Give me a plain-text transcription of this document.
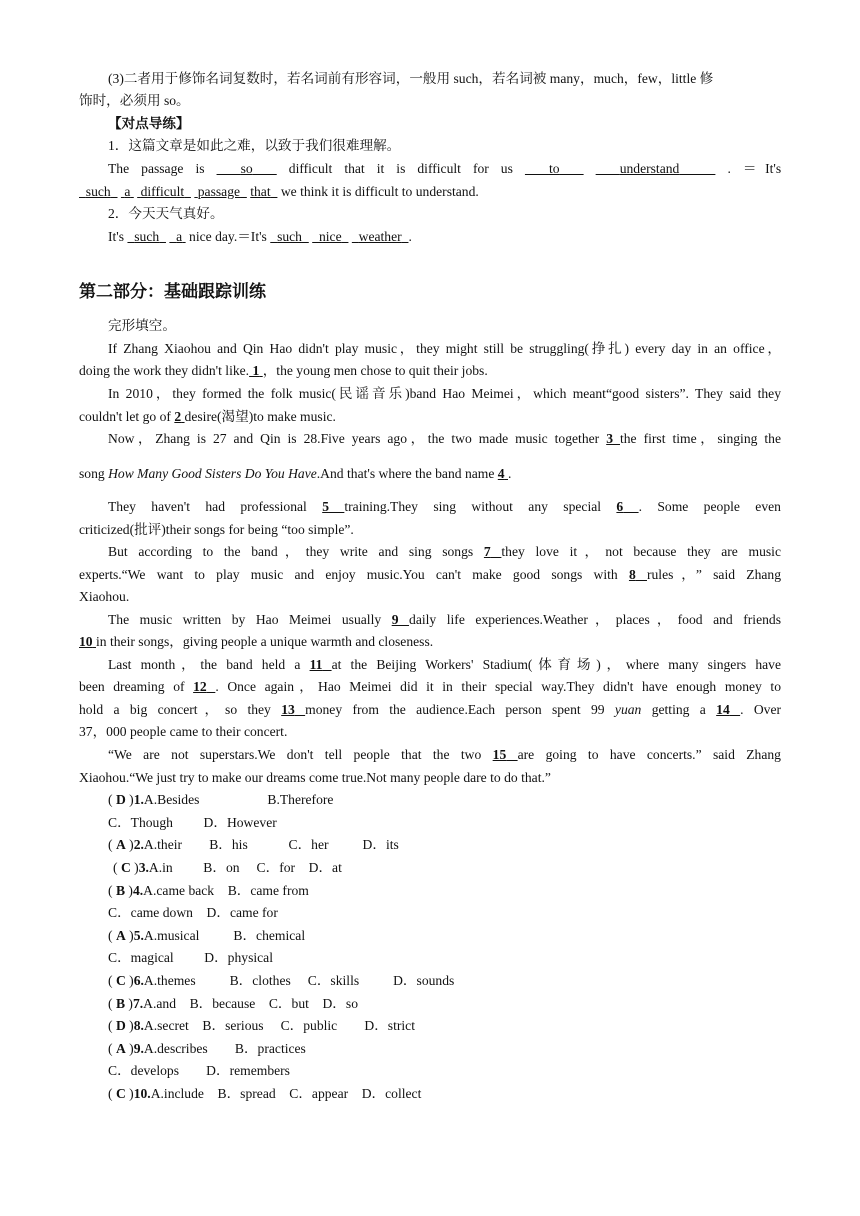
(3)二者用于修饰名词复数时，若名词前有形容词，一般用 such，若名词被 many，much，few，little 修
饰时，必须用 so。
【对点导练】
1．这篇文章是如此之难，以致于我们很难理解。
The passage is	so	difficult that it is difficult for us	to	understand	. ＝It's
such a difficult passage that we think it is difficult to understand.
2．今天天气真好。
It's such a nice day.＝It's such nice weather .
第二部分：基础跟踪训练
完形填空。
If Zhang Xiaohou and Qin Hao didn't play music，they might still be struggling(挣扎) every day in an office，
doing the work they didn't like. 1 ，the young men chose to quit their jobs.
In 2010，they formed the folk music(民谣音乐)band Hao Meimei，which meant“good sisters”. They said they
couldn't let go of 2 desire(渴望)to make music.
Now，Zhang is 27 and Qin is 28.Five years ago，the two made music together 3 the first time，singing the
song How Many Good Sisters Do You Have.And that's where the band name 4 .
They haven't had professional 5 training.They sing without any special 6 . Some people even
criticized(批评)their songs for being “too simple”.
But according to the band，they write and sing songs 7 they love it，not because they are music
experts.“We want to play music and enjoy music.You can't make good songs with 8 rules，” said Zhang
Xiaohou.
The music written by Hao Meimei usually 9 daily life experiences.Weather，places，food and friends
10 in their songs，giving people a unique warmth and closeness.
Last month，the band held a 11 at the Beijing Workers' Stadium(体育场)，where many singers have
been dreaming of 12 . Once again，Hao Meimei did it in their special way.They didn't have enough money to
hold a big concert，so they 13 money from the audience.Each person spent 99 yuan getting a 14 . Over
37，000 people came to their concert.
“We are not superstars.We don't tell people that the two 15 are going to have concerts.” said Zhang
Xiaohou.“We just try to make our dreams come true.Not many people dare to do that.”
( D )1.A.Besides                    B.Therefore
C．Though         D．However
( A )2.A.their        B．his            C．her          D．its
( C )3.A.in         B．on     C．for    D．at
( B )4.A.came back    B．came from
C．came down    D．came for
( A )5.A.musical          B．chemical
C．magical         D．physical
( C )6.A.themes          B．clothes     C．skills          D．sounds
( B )7.A.and    B．because    C．but    D．so
( D )8.A.secret    B．serious     C．public        D．strict
( A )9.A.describes        B．practices
C．develops        D．remembers
( C )10.A.include    B．spread    C．appear    D．collect
